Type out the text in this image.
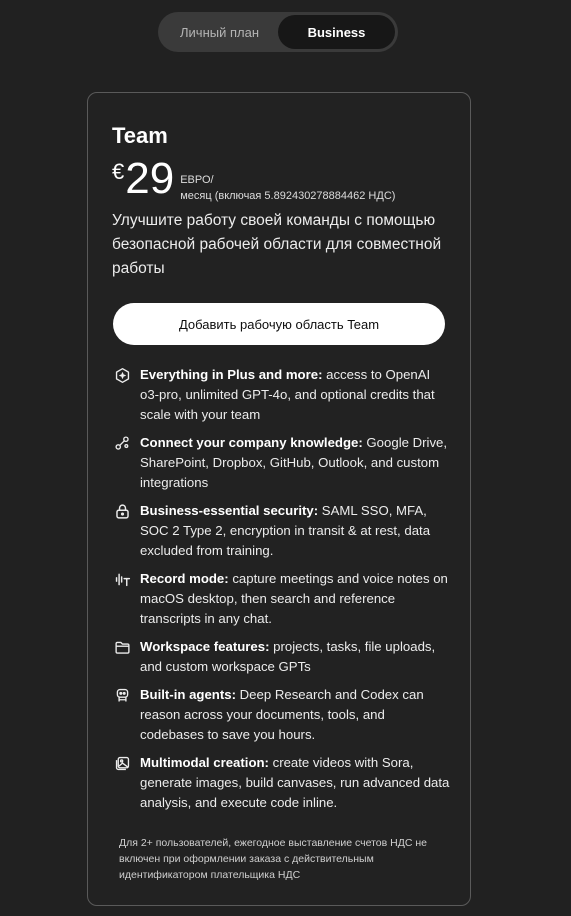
Личный план	Business
Team
€ 29 ЕВРО/
месяц (включая 5.892430278884462 НДС)
Улучшите работу своей команды с помощью безопасной рабочей области для совместной работы
Добавить рабочую область Team
Everything in Plus and more: access to OpenAI o3-pro, unlimited GPT-4o, and optional credits that scale with your team
Connect your company knowledge: Google Drive, SharePoint, Dropbox, GitHub, Outlook, and custom integrations
Business-essential security: SAML SSO, MFA, SOC 2 Type 2, encryption in transit & at rest, data excluded from training.
Record mode: capture meetings and voice notes on macOS desktop, then search and reference transcripts in any chat.
Workspace features: projects, tasks, file uploads, and custom workspace GPTs
Built-in agents: Deep Research and Codex can reason across your documents, tools, and codebases to save you hours.
Multimodal creation: create videos with Sora, generate images, build canvases, run advanced data analysis, and execute code inline.
Для 2+ пользователей, ежегодное выставление счетов НДС не включен при оформлении заказа с действительным идентификатором плательщика НДС
